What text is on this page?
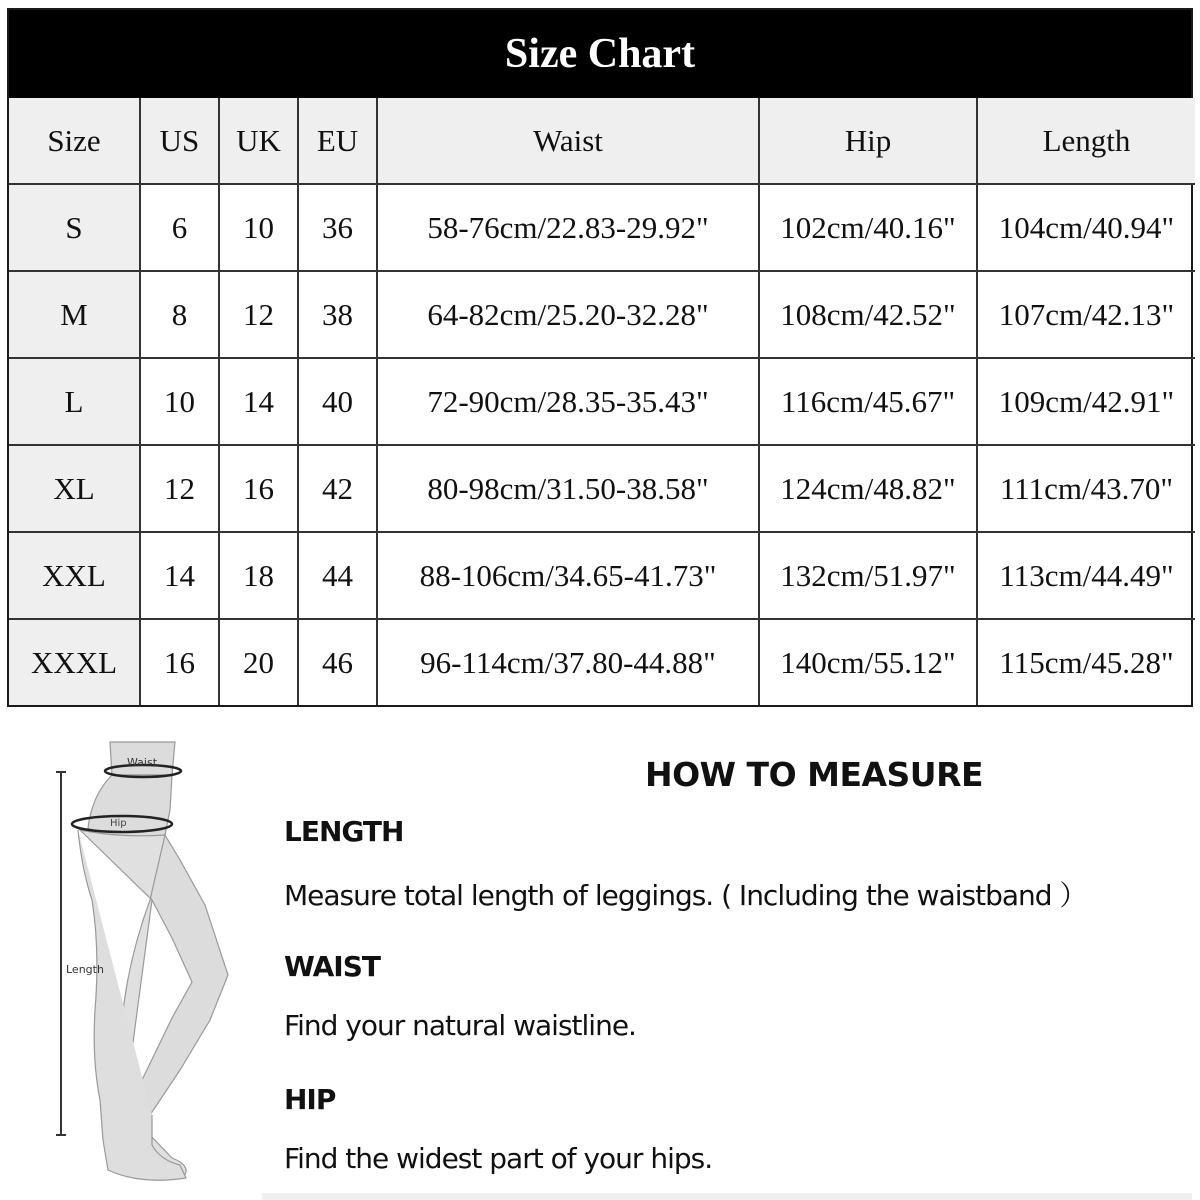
Size Chart
Size	US	UK	EU	Waist	Hip	Length
S	6	10	36	58-76cm/22.83-29.92"	102cm/40.16"	104cm/40.94"
M	8	12	38	64-82cm/25.20-32.28"	108cm/42.52"	107cm/42.13"
L	10	14	40	72-90cm/28.35-35.43"	116cm/45.67"	109cm/42.91"
XL	12	16	42	80-98cm/31.50-38.58"	124cm/48.82"	111cm/43.70"
XXL	14	18	44	88-106cm/34.65-41.73"	132cm/51.97"	113cm/44.49"
XXXL	16	20	46	96-114cm/37.80-44.88"	140cm/55.12"	115cm/45.28"
Waist
Hip
Length
HOW TO MEASURE
LENGTH
Measure total length of leggings. ( Including the waistband ）
WAIST
Find your natural waistline.
HIP
Find the widest part of your hips.
